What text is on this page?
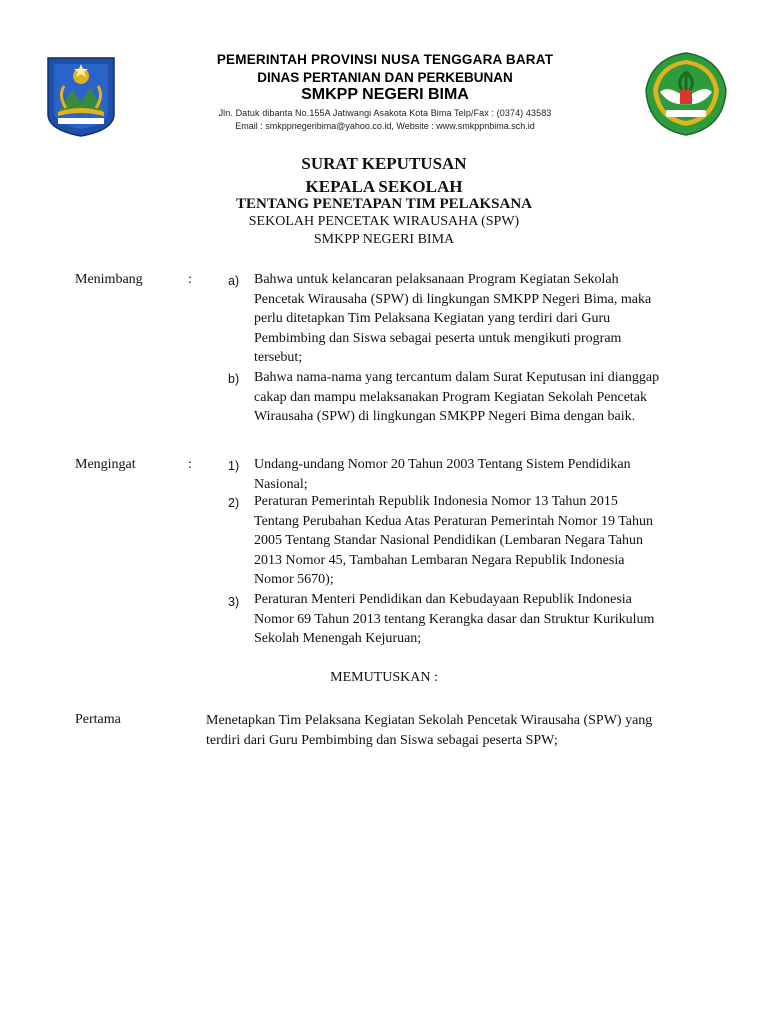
PEMERINTAH PROVINSI NUSA TENGGARA BARAT
DINAS PERTANIAN DAN PERKEBUNAN
SMKPP NEGERI BIMA
Jln. Datuk dibanta No.155A Jatiwangi Asakota Kota Bima Telp/Fax : (0374) 43583
Email : smkppnegeribima@yahoo.co.id, Website : www.smkppnbima.sch.id
SURAT KEPUTUSAN
KEPALA SEKOLAH
TENTANG PENETAPAN TIM PELAKSANA
SEKOLAH PENCETAK WIRAUSAHA (SPW)
SMKPP NEGERI BIMA
Menimbang	:	a) Bahwa untuk kelancaran pelaksanaan Program Kegiatan Sekolah
Pencetak Wirausaha (SPW) di lingkungan SMKPP Negeri Bima, maka
perlu ditetapkan Tim Pelaksana Kegiatan yang terdiri dari Guru
Pembimbing dan Siswa sebagai peserta untuk mengikuti program
tersebut;
b) Bahwa nama-nama yang tercantum dalam Surat Keputusan ini dianggap
cakap dan mampu melaksanakan Program Kegiatan Sekolah Pencetak
Wirausaha (SPW) di lingkungan SMKPP Negeri Bima dengan baik.
Mengingat	:	1) Undang-undang Nomor 20 Tahun 2003 Tentang Sistem Pendidikan
Nasional;
2) Peraturan Pemerintah Republik Indonesia Nomor 13 Tahun 2015
Tentang Perubahan Kedua Atas Peraturan Pemerintah Nomor 19 Tahun
2005 Tentang Standar Nasional Pendidikan (Lembaran Negara Tahun
2013 Nomor 45, Tambahan Lembaran Negara Republik Indonesia
Nomor 5670);
3) Peraturan Menteri Pendidikan dan Kebudayaan Republik Indonesia
Nomor 69 Tahun 2013 tentang Kerangka dasar dan Struktur Kurikulum
Sekolah Menengah Kejuruan;
MEMUTUSKAN :
Pertama	Menetapkan Tim Pelaksana Kegiatan Sekolah Pencetak Wirausaha (SPW) yang
terdiri dari Guru Pembimbing dan Siswa sebagai peserta SPW;
